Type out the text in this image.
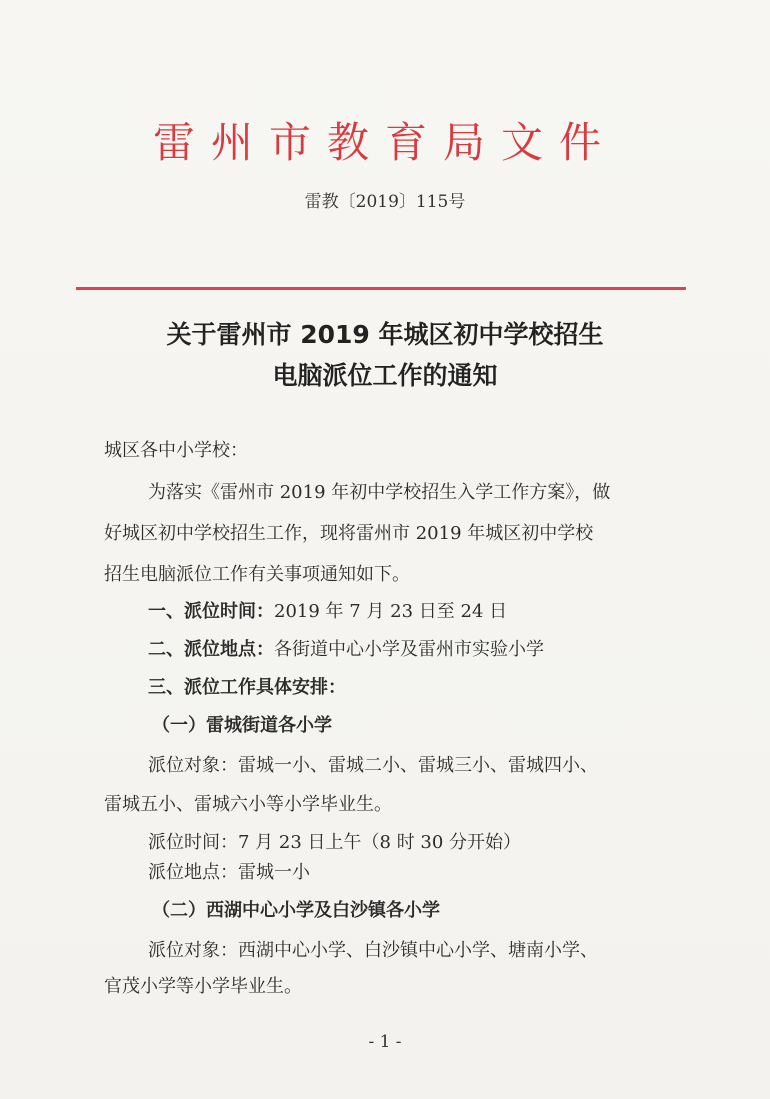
雷州市教育局文件
雷教〔2019〕115号
关于雷州市 2019 年城区初中学校招生
电脑派位工作的通知
城区各中小学校：
为落实《雷州市 2019 年初中学校招生入学工作方案》，做
好城区初中学校招生工作，现将雷州市 2019 年城区初中学校
招生电脑派位工作有关事项通知如下。
一、派位时间：2019 年 7 月 23 日至 24 日
二、派位地点：各街道中心小学及雷州市实验小学
三、派位工作具体安排：
（一）雷城街道各小学
派位对象：雷城一小、雷城二小、雷城三小、雷城四小、
雷城五小、雷城六小等小学毕业生。
派位时间：7 月 23 日上午（8 时 30 分开始）
派位地点：雷城一小
（二）西湖中心小学及白沙镇各小学
派位对象：西湖中心小学、白沙镇中心小学、塘南小学、
官茂小学等小学毕业生。
- 1 -
